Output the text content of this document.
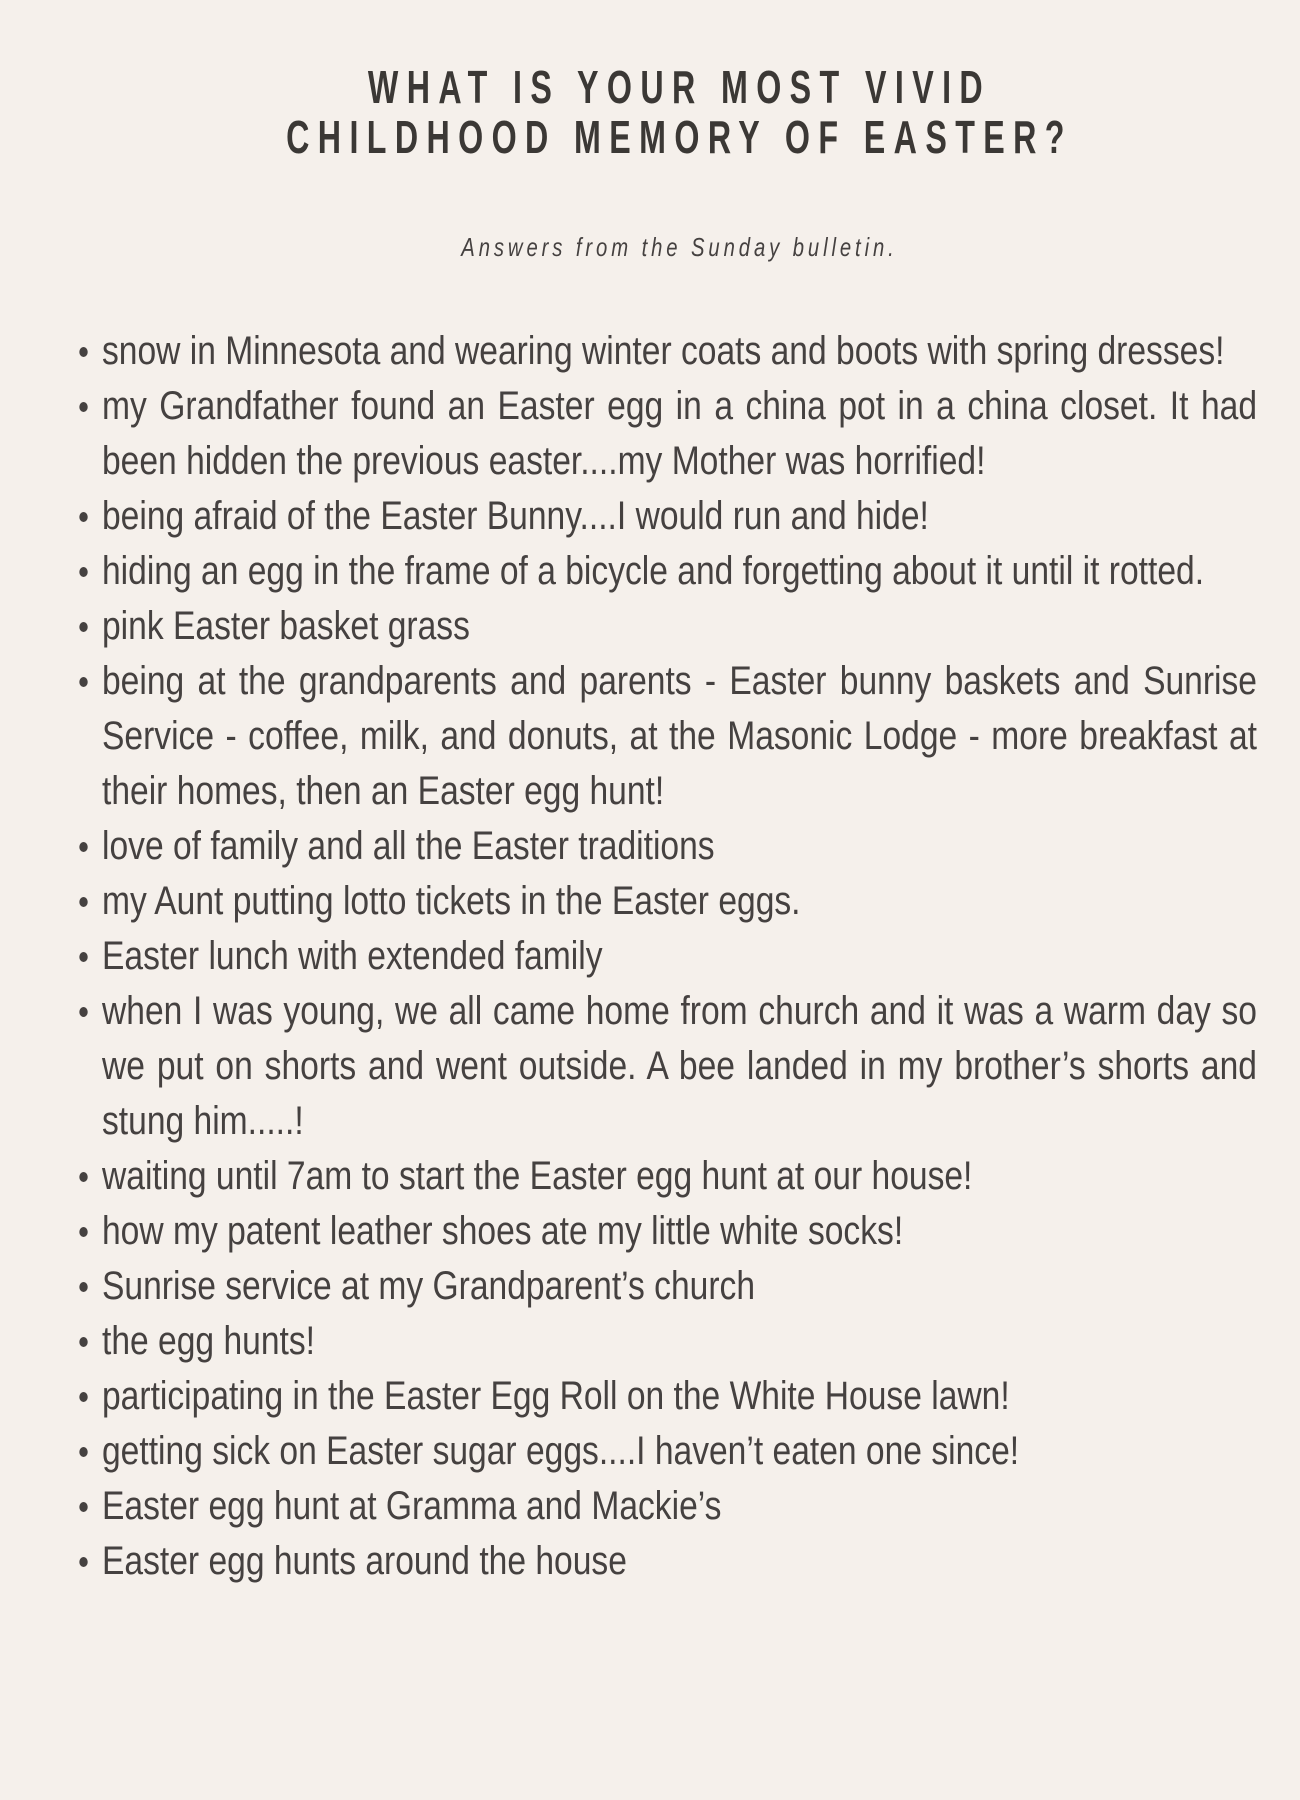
WHAT IS YOUR MOST VIVID
CHILDHOOD MEMORY OF EASTER?

Answers from the Sunday bulletin.

snow in Minnesota and wearing winter coats and boots with spring dresses!
my Grandfather found an Easter egg in a china pot in a china closet. It had been hidden the previous easter....my Mother was horrified!
being afraid of the Easter Bunny....I would run and hide!
hiding an egg in the frame of a bicycle and forgetting about it until it rotted.
pink Easter basket grass
being at the grandparents and parents - Easter bunny baskets and Sunrise Service - coffee, milk, and donuts, at the Masonic Lodge - more breakfast at their homes, then an Easter egg hunt!
love of family and all the Easter traditions
my Aunt putting lotto tickets in the Easter eggs.
Easter lunch with extended family
when I was young, we all came home from church and it was a warm day so we put on shorts and went outside. A bee landed in my brother’s shorts and stung him.....!
waiting until 7am to start the Easter egg hunt at our house!
how my patent leather shoes ate my little white socks!
Sunrise service at my Grandparent’s church
the egg hunts!
participating in the Easter Egg Roll on the White House lawn!
getting sick on Easter sugar eggs....I haven’t eaten one since!
Easter egg hunt at Gramma and Mackie’s
Easter egg hunts around the house
